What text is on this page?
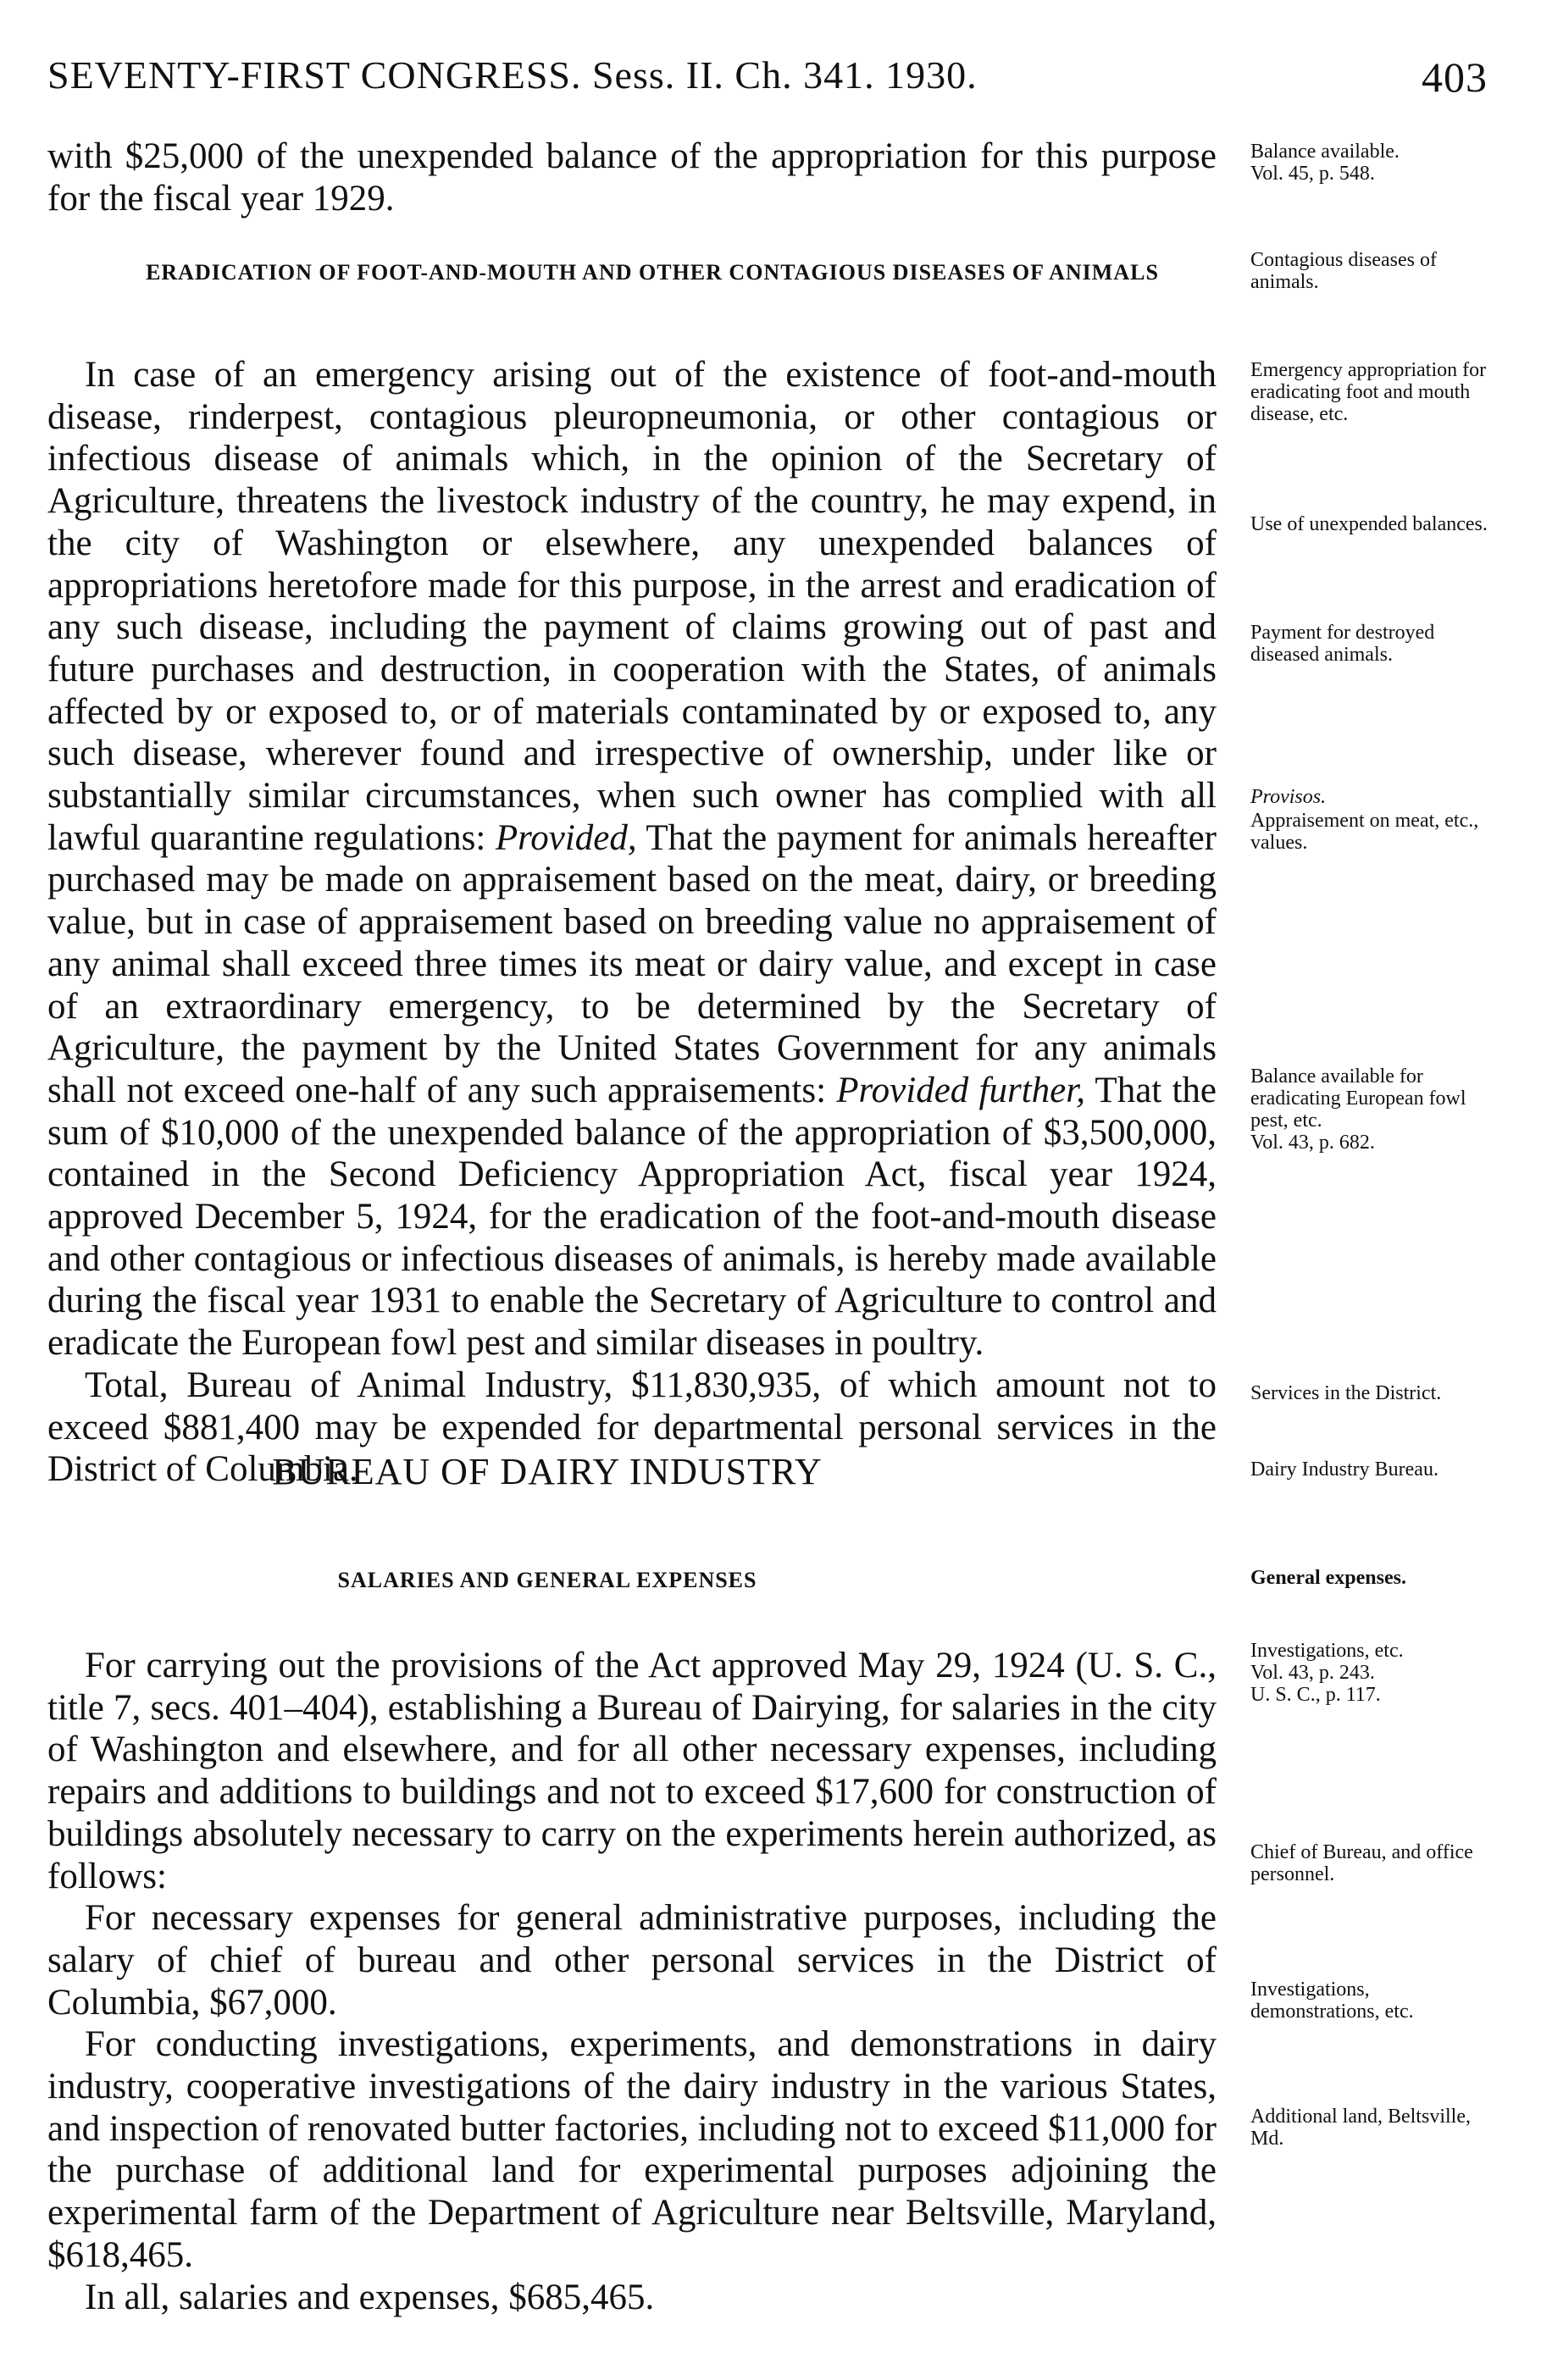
SEVENTY-FIRST CONGRESS. Sess. II. Ch. 341. 1930.	403

with $25,000 of the unexpended balance of the appropriation for this purpose for the fiscal year 1929.

ERADICATION OF FOOT-AND-MOUTH AND OTHER CONTAGIOUS DISEASES OF ANIMALS

In case of an emergency arising out of the existence of foot-and-mouth disease, rinderpest, contagious pleuropneumonia, or other contagious or infectious disease of animals which, in the opinion of the Secretary of Agriculture, threatens the livestock industry of the country, he may expend, in the city of Washington or elsewhere, any unexpended balances of appropriations heretofore made for this purpose, in the arrest and eradication of any such disease, including the payment of claims growing out of past and future purchases and destruction, in cooperation with the States, of animals affected by or exposed to, or of materials contaminated by or exposed to, any such disease, wherever found and irrespective of ownership, under like or substantially similar circumstances, when such owner has complied with all lawful quarantine regulations: Provided, That the payment for animals hereafter purchased may be made on appraisement based on the meat, dairy, or breeding value, but in case of appraisement based on breeding value no appraisement of any animal shall exceed three times its meat or dairy value, and except in case of an extraordinary emergency, to be determined by the Secretary of Agriculture, the payment by the United States Government for any animals shall not exceed one-half of any such appraisements: Provided further, That the sum of $10,000 of the unexpended balance of the appropriation of $3,500,000, contained in the Second Deficiency Appropriation Act, fiscal year 1924, approved December 5, 1924, for the eradication of the foot-and-mouth disease and other contagious or infectious diseases of animals, is hereby made available during the fiscal year 1931 to enable the Secretary of Agriculture to control and eradicate the European fowl pest and similar diseases in poultry.

Total, Bureau of Animal Industry, $11,830,935, of which amount not to exceed $881,400 may be expended for departmental personal services in the District of Columbia.

BUREAU OF DAIRY INDUSTRY
SALARIES AND GENERAL EXPENSES

For carrying out the provisions of the Act approved May 29, 1924 (U. S. C., title 7, secs. 401–404), establishing a Bureau of Dairying, for salaries in the city of Washington and elsewhere, and for all other necessary expenses, including repairs and additions to buildings and not to exceed $17,600 for construction of buildings absolutely necessary to carry on the experiments herein authorized, as follows:

For necessary expenses for general administrative purposes, including the salary of chief of bureau and other personal services in the District of Columbia, $67,000.

For conducting investigations, experiments, and demonstrations in dairy industry, cooperative investigations of the dairy industry in the various States, and inspection of renovated butter factories, including not to exceed $11,000 for the purchase of additional land for experimental purposes adjoining the experimental farm of the Department of Agriculture near Beltsville, Maryland, $618,465.

In all, salaries and expenses, $685,465.

Balance available.
Vol. 45, p. 548.
Contagious diseases of animals.
Emergency appropriation for eradicating foot and mouth disease, etc.
Use of unexpended balances.
Payment for destroyed diseased animals.
Provisos.
Appraisement on meat, etc., values.
Balance available for eradicating European fowl pest, etc.
Vol. 43, p. 682.
Services in the District.
Dairy Industry Bureau.
General expenses.
Investigations, etc.
Vol. 43, p. 243.
U. S. C., p. 117.
Chief of Bureau, and office personnel.
Investigations, demonstrations, etc.
Additional land, Beltsville, Md.
